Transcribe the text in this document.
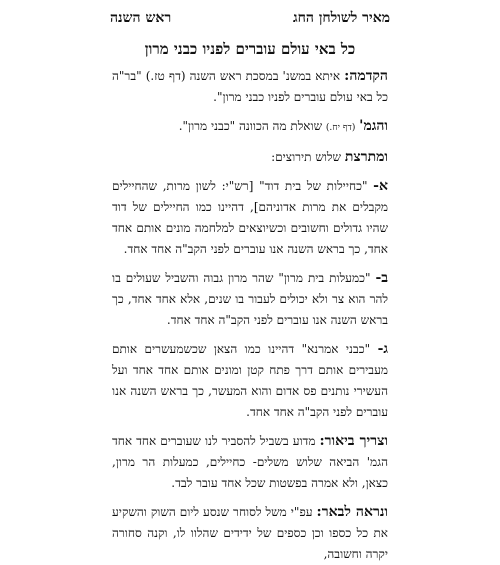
מאיר לשולחן החג
ראש השנה
כל באי עולם עוברים לפניו כבני מרון

הקדמה: איתא במשנ' במסכת ראש השנה (דף טז.) "בר"ה כל באי עולם עוברים לפניו כבני מרון".

והגמ' (דף יח.) שואלת מה הכוונה "כבני מרון".

ומתרצת שלוש תירוצים:

א- "כחיילות של בית דוד" [רש"י: לשון מרות, שהחיילים מקבלים את מרות אדוניהם], דהיינו כמו החיילים של דוד שהיו גדולים וחשובים וכשיוצאים למלחמה מונים אותם אחד אחד, כך בראש השנה אנו עוברים לפני הקב"ה אחד אחד.

ב- "כמעלות בית מרון" שהר מרון גבוה והשביל שעולים בו להר הוא צר ולא יכולים לעבור בו שנים, אלא אחד אחד, כך בראש השנה אנו עוברים לפני הקב"ה אחד אחד.

ג- "כבני אמרנא" דהיינו כמו הצאן שכשמעשרים אותם מעבירים אותם דרך פתח קטן ומונים אותם אחד אחד ועל העשירי נותנים פס אדום והוא המעשר, כך בראש השנה אנו עוברים לפני הקב"ה אחד אחד.

וצריך ביאור: מדוע בשביל להסביר לנו שעוברים אחד אחד הגמ' הביאה שלוש משלים- כחיילים, כמעלות הר מרון, כצאן, ולא אמרה בפשטות שכל אחד עובר לבד.

ונראה לבאר: עפ"י משל לסוחר שנסע ליום השוק והשקיע את כל כספו וכן כספים של ידידים שהלוו לו, וקנה סחורה יקרה וחשובה,
